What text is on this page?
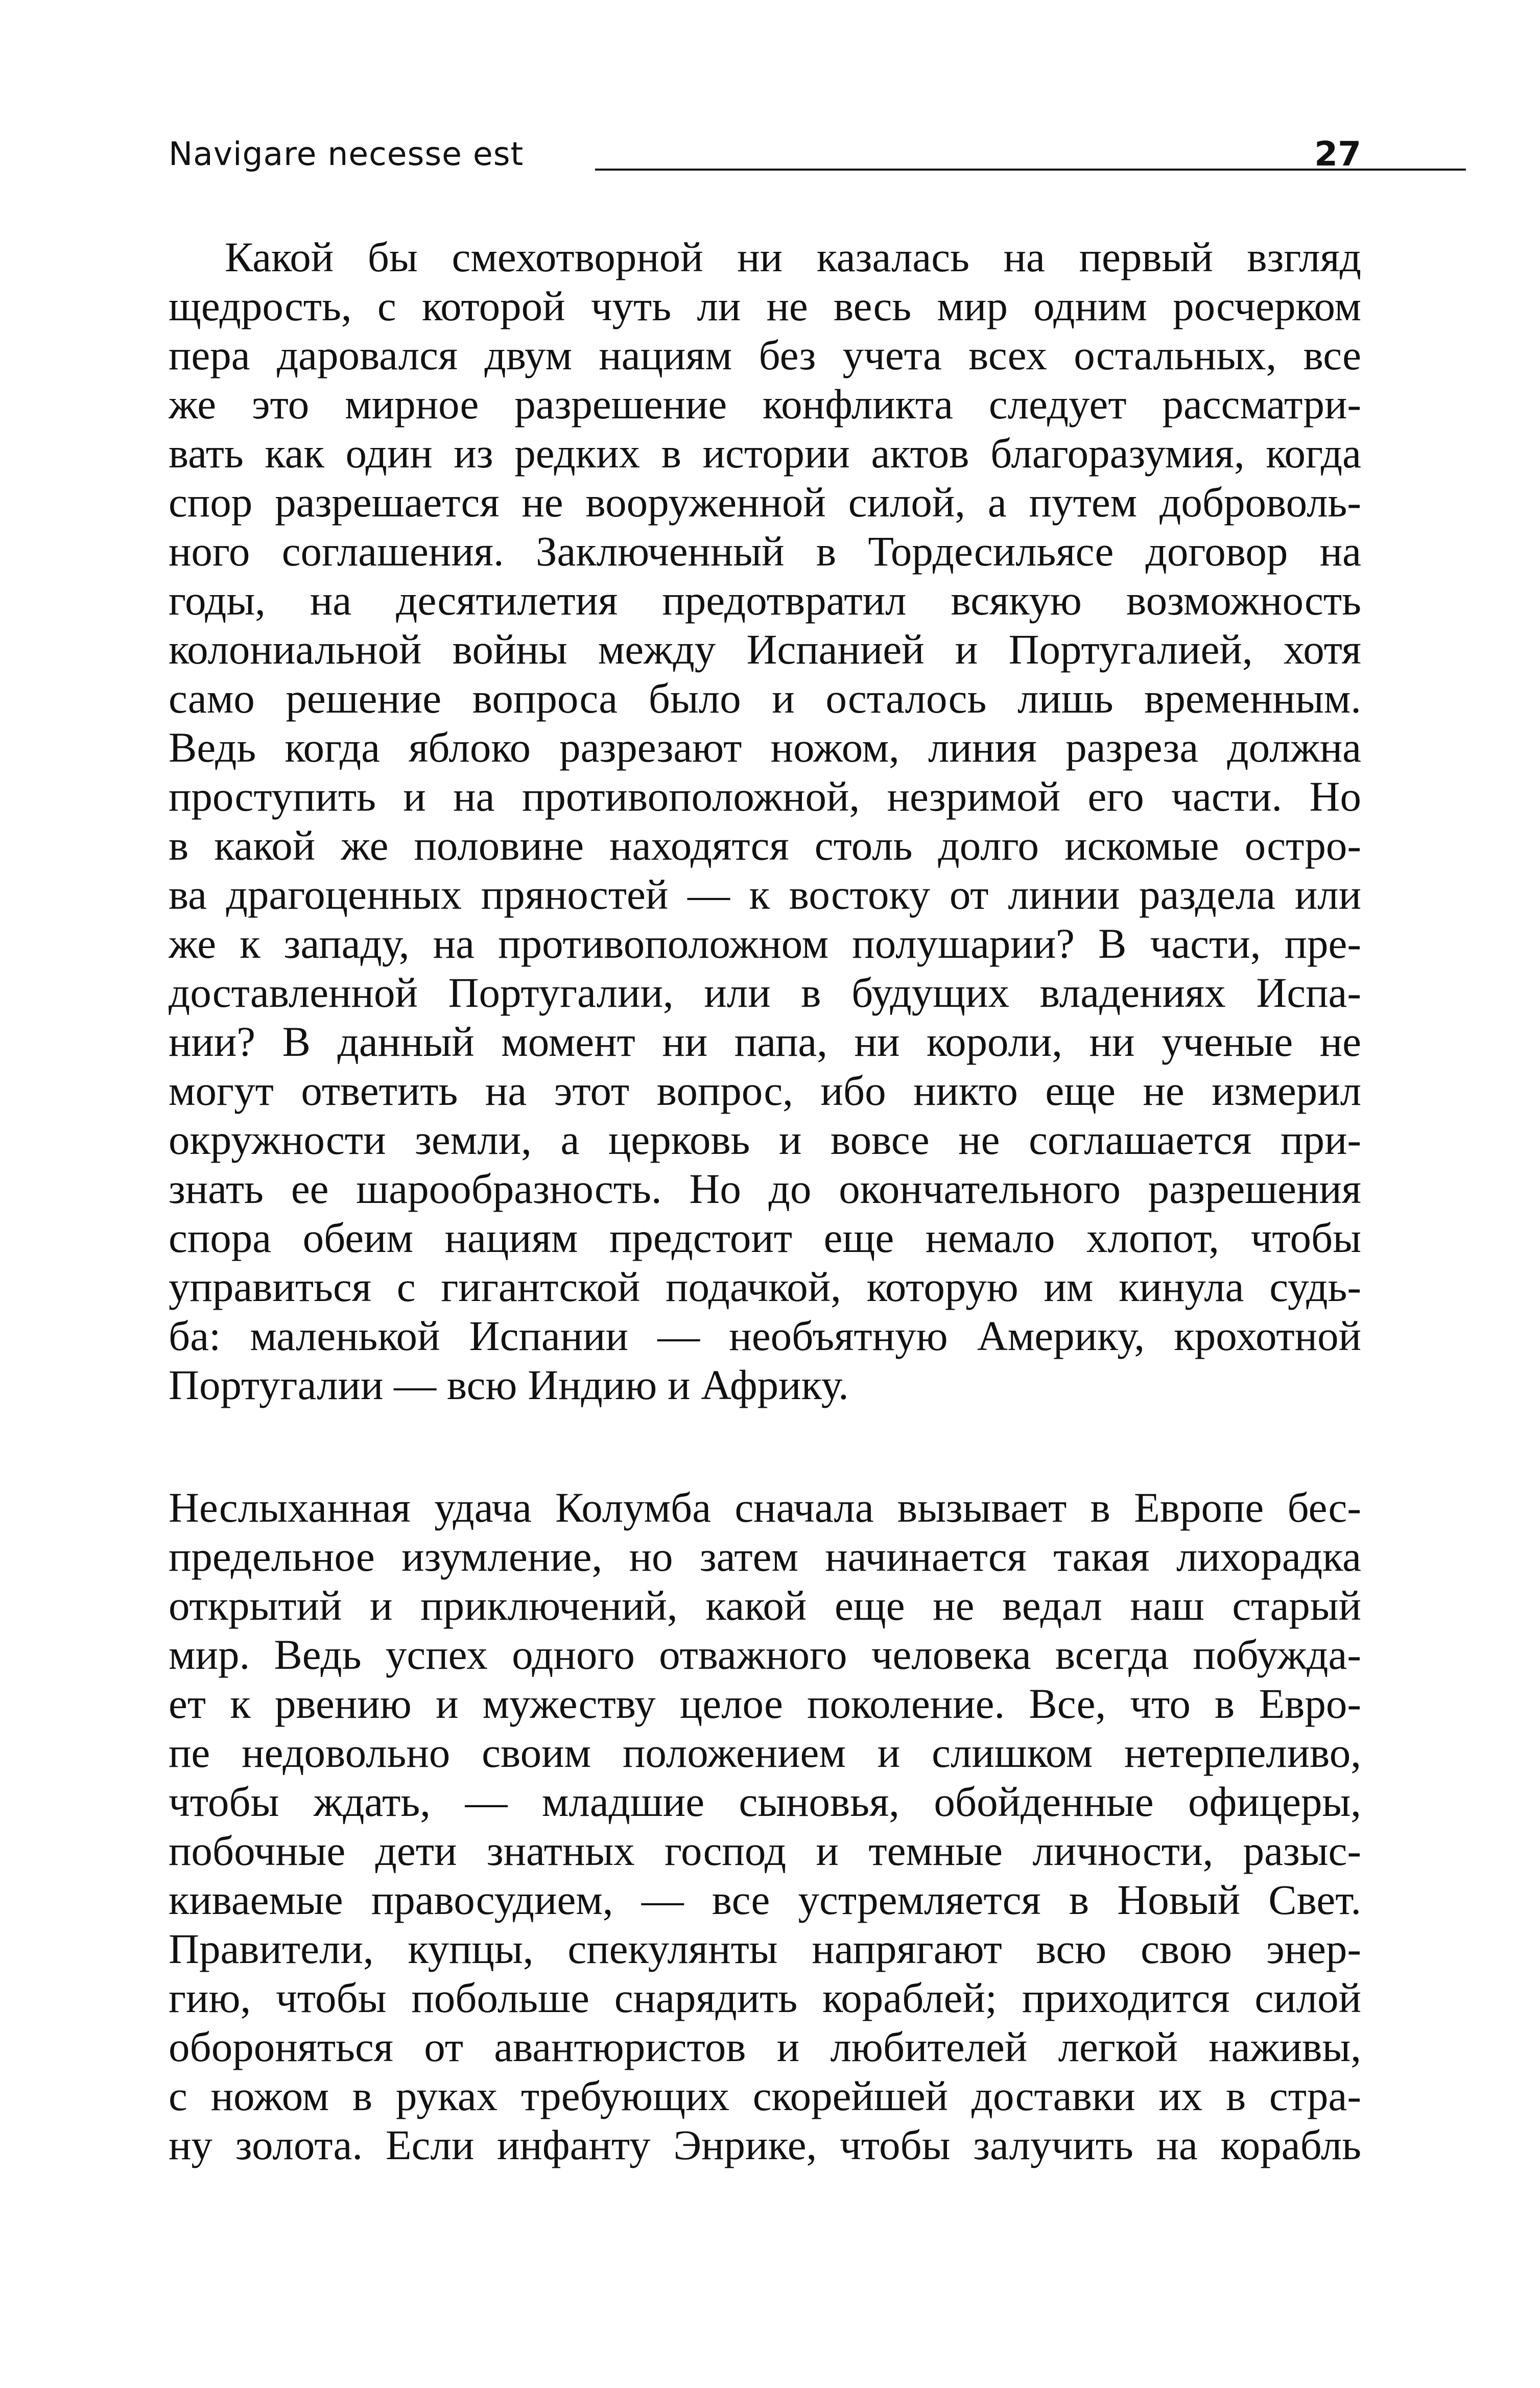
Navigare necesse est	27
Какой бы смехотворной ни казалась на первый взгляд
щедрость, с которой чуть ли не весь мир одним росчерком
пера даровался двум нациям без учета всех остальных, все
же это мирное разрешение конфликта следует рассматри-
вать как один из редких в истории актов благоразумия, когда
спор разрешается не вооруженной силой, а путем доброволь-
ного соглашения. Заключенный в Тордесильясе договор на
годы, на десятилетия предотвратил всякую возможность
колониальной войны между Испанией и Португалией, хотя
само решение вопроса было и осталось лишь временным.
Ведь когда яблоко разрезают ножом, линия разреза должна
проступить и на противоположной, незримой его части. Но
в какой же половине находятся столь долго искомые остро-
ва драгоценных пряностей — к востоку от линии раздела или
же к западу, на противоположном полушарии? В части, пре-
доставленной Португалии, или в будущих владениях Испа-
нии? В данный момент ни папа, ни короли, ни ученые не
могут ответить на этот вопрос, ибо никто еще не измерил
окружности земли, а церковь и вовсе не соглашается при-
знать ее шарообразность. Но до окончательного разрешения
спора обеим нациям предстоит еще немало хлопот, чтобы
управиться с гигантской подачкой, которую им кинула судь-
ба: маленькой Испании — необъятную Америку, крохотной
Португалии — всю Индию и Африку.
Неслыханная удача Колумба сначала вызывает в Европе бес-
предельное изумление, но затем начинается такая лихорадка
открытий и приключений, какой еще не ведал наш старый
мир. Ведь успех одного отважного человека всегда побужда-
ет к рвению и мужеству целое поколение. Все, что в Евро-
пе недовольно своим положением и слишком нетерпеливо,
чтобы ждать, — младшие сыновья, обойденные офицеры,
побочные дети знатных господ и темные личности, разыс-
киваемые правосудием, — все устремляется в Новый Свет.
Правители, купцы, спекулянты напрягают всю свою энер-
гию, чтобы побольше снарядить кораблей; приходится силой
обороняться от авантюристов и любителей легкой наживы,
с ножом в руках требующих скорейшей доставки их в стра-
ну золота. Если инфанту Энрике, чтобы залучить на корабль
